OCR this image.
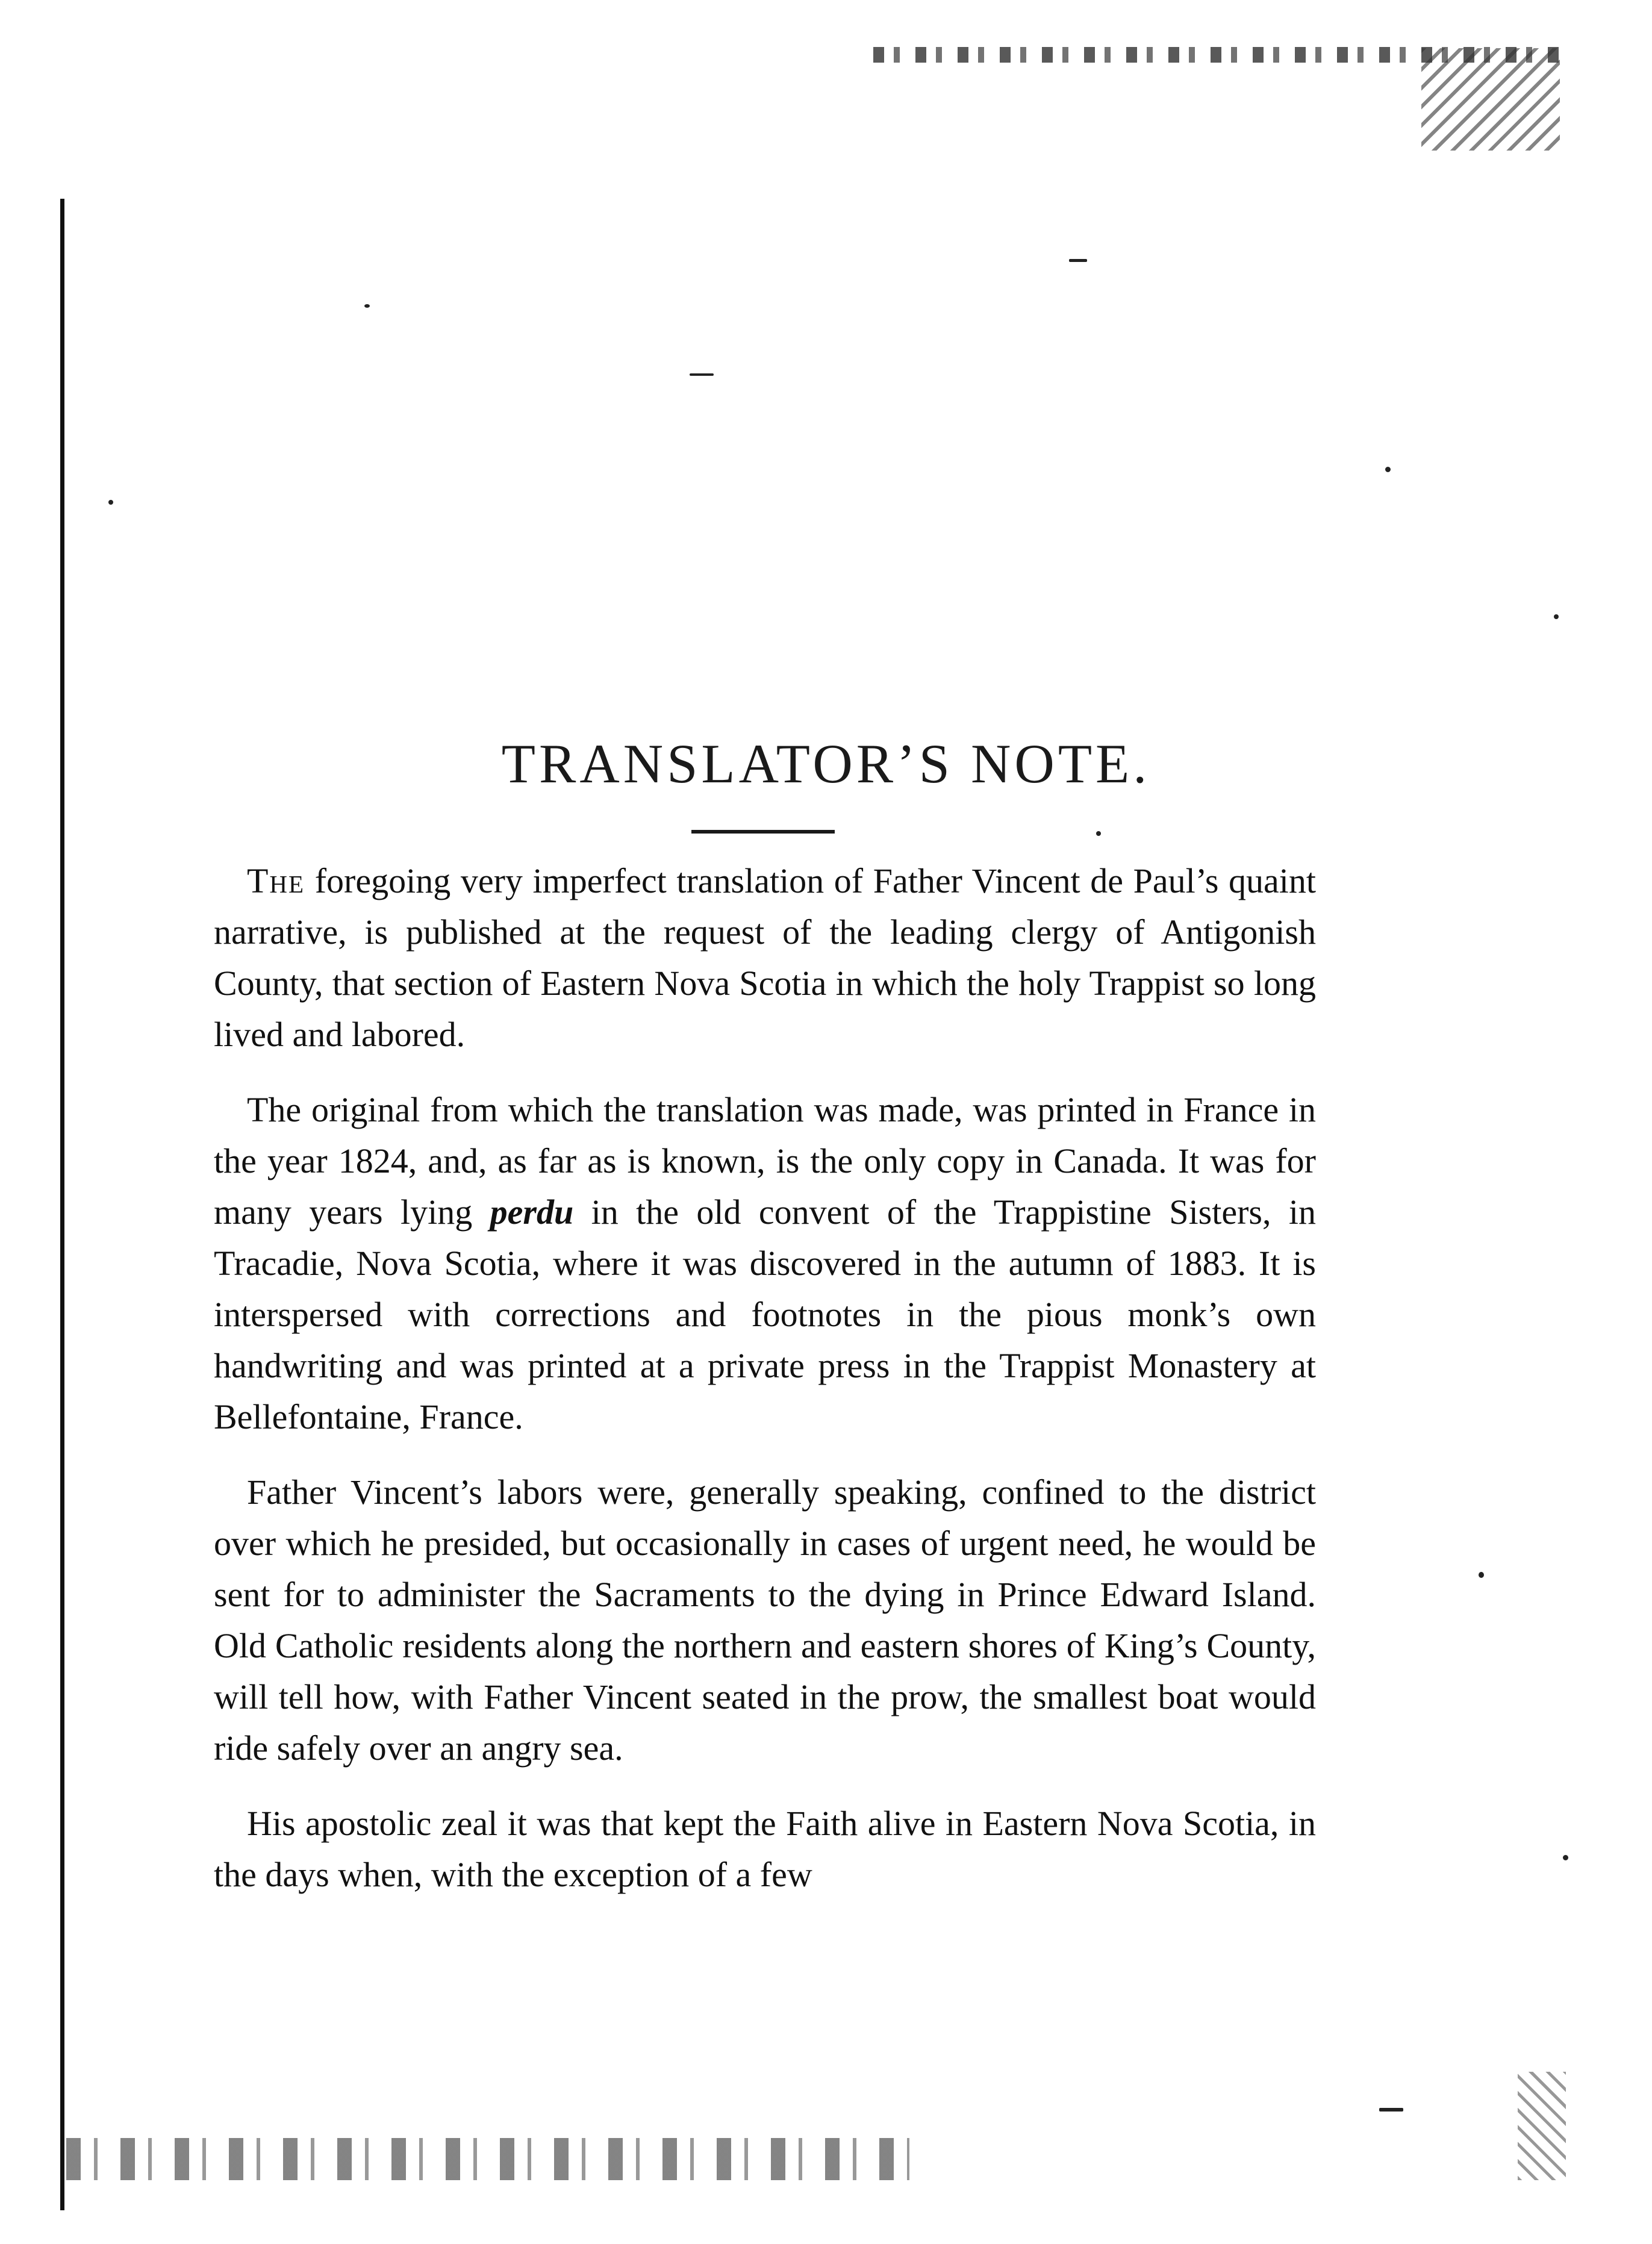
TRANSLATOR’S NOTE.

The foregoing very imperfect translation of Father Vincent de Paul’s quaint narrative, is published at the request of the leading clergy of Antigonish County, that section of Eastern Nova Scotia in which the holy Trappist so long lived and labored.

The original from which the translation was made, was printed in France in the year 1824, and, as far as is known, is the only copy in Canada. It was for many years lying perdu in the old convent of the Trappistine Sisters, in Tracadie, Nova Scotia, where it was discovered in the autumn of 1883. It is interspersed with corrections and footnotes in the pious monk’s own handwriting and was printed at a private press in the Trappist Monastery at Bellefontaine, France.

Father Vincent’s labors were, generally speaking, confined to the district over which he presided, but occasionally in cases of urgent need, he would be sent for to administer the Sacraments to the dying in Prince Edward Island. Old Catholic residents along the northern and eastern shores of King’s County, will tell how, with Father Vincent seated in the prow, the smallest boat would ride safely over an angry sea.

His apostolic zeal it was that kept the Faith alive in Eastern Nova Scotia, in the days when, with the exception of a few
